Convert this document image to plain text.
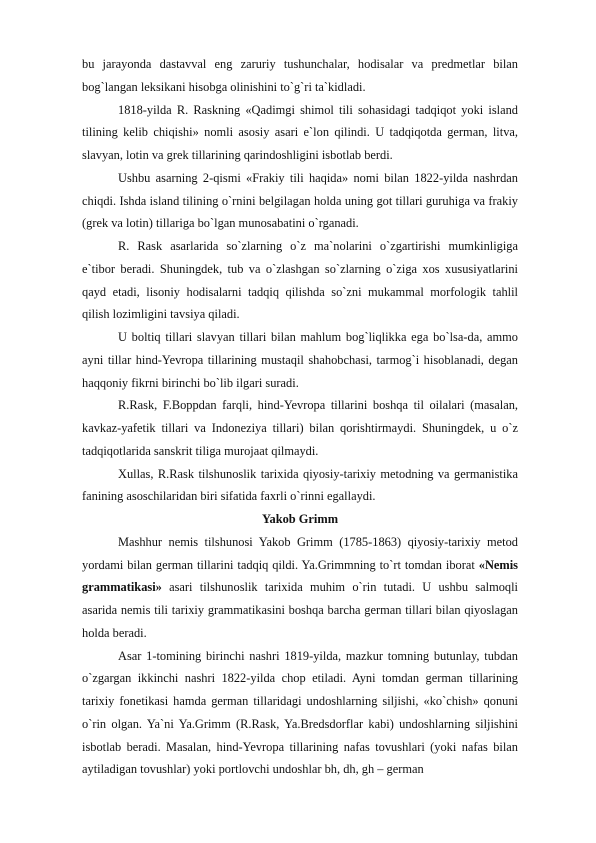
bu jarayonda dastavval eng zaruriy tushunchalar, hodisalar va predmetlar bilan bog`langan leksikani hisobga olinishini to`g`ri ta`kidladi.

1818-yilda R. Raskning «Qadimgi shimol tili sohasidagi tadqiqot yoki island tilining kelib chiqishi» nomli asosiy asari e`lon qilindi. U tadqiqotda german, litva, slavyan, lotin va grek tillarining qarindoshligini isbotlab berdi.

Ushbu asarning 2-qismi «Frakiy tili haqida» nomi bilan 1822-yilda nashrdan chiqdi. Ishda island tilining o`rnini belgilagan holda uning got tillari guruhiga va frakiy (grek va lotin) tillariga bo`lgan munosabatini o`rganadi.

R. Rask asarlarida so`zlarning o`z ma`nolarini o`zgartirishi mumkinligiga e`tibor beradi. Shuningdek, tub va o`zlashgan so`zlarning o`ziga xos xususiyatlarini qayd etadi, lisoniy hodisalarni tadqiq qilishda so`zni mukammal morfologik tahlil qilish lozimligini tavsiya qiladi.

U boltiq tillari slavyan tillari bilan mahlum bog`liqlikka ega bo`lsa-da, ammo ayni tillar hind-Yevropa tillarining mustaqil shahobchasi, tarmog`i hisoblanadi, degan haqqoniy fikrni birinchi bo`lib ilgari suradi.

R.Rask, F.Boppdan farqli, hind-Yevropa tillarini boshqa til oilalari (masalan, kavkaz-yafetik tillari va Indoneziya tillari) bilan qorishtirmaydi. Shuningdek, u o`z tadqiqotlarida sanskrit tiliga murojaat qilmaydi.

Xullas, R.Rask tilshunoslik tarixida qiyosiy-tarixiy metodning va germanistika fanining asoschilaridan biri sifatida faxrli o`rinni egallaydi.

Yakob Grimm

Mashhur nemis tilshunosi Yakob Grimm (1785-1863) qiyosiy-tarixiy metod yordami bilan german tillarini tadqiq qildi. Ya.Grimmning to`rt tomdan iborat «Nemis grammatikasi» asari tilshunoslik tarixida muhim o`rin tutadi. U ushbu salmoqli asarida nemis tili tarixiy grammatikasini boshqa barcha german tillari bilan qiyoslagan holda beradi.

Asar 1-tomining birinchi nashri 1819-yilda, mazkur tomning butunlay, tubdan o`zgargan ikkinchi nashri 1822-yilda chop etiladi. Ayni tomdan german tillarining tarixiy fonetikasi hamda german tillaridagi undoshlarning siljishi, «ko`chish» qonuni o`rin olgan. Ya`ni Ya.Grimm (R.Rask, Ya.Bredsdorflar kabi) undoshlarning siljishini isbotlab beradi. Masalan, hind-Yevropa tillarining nafas tovushlari (yoki nafas bilan aytiladigan tovushlar) yoki portlovchi undoshlar bh, dh, gh – german
